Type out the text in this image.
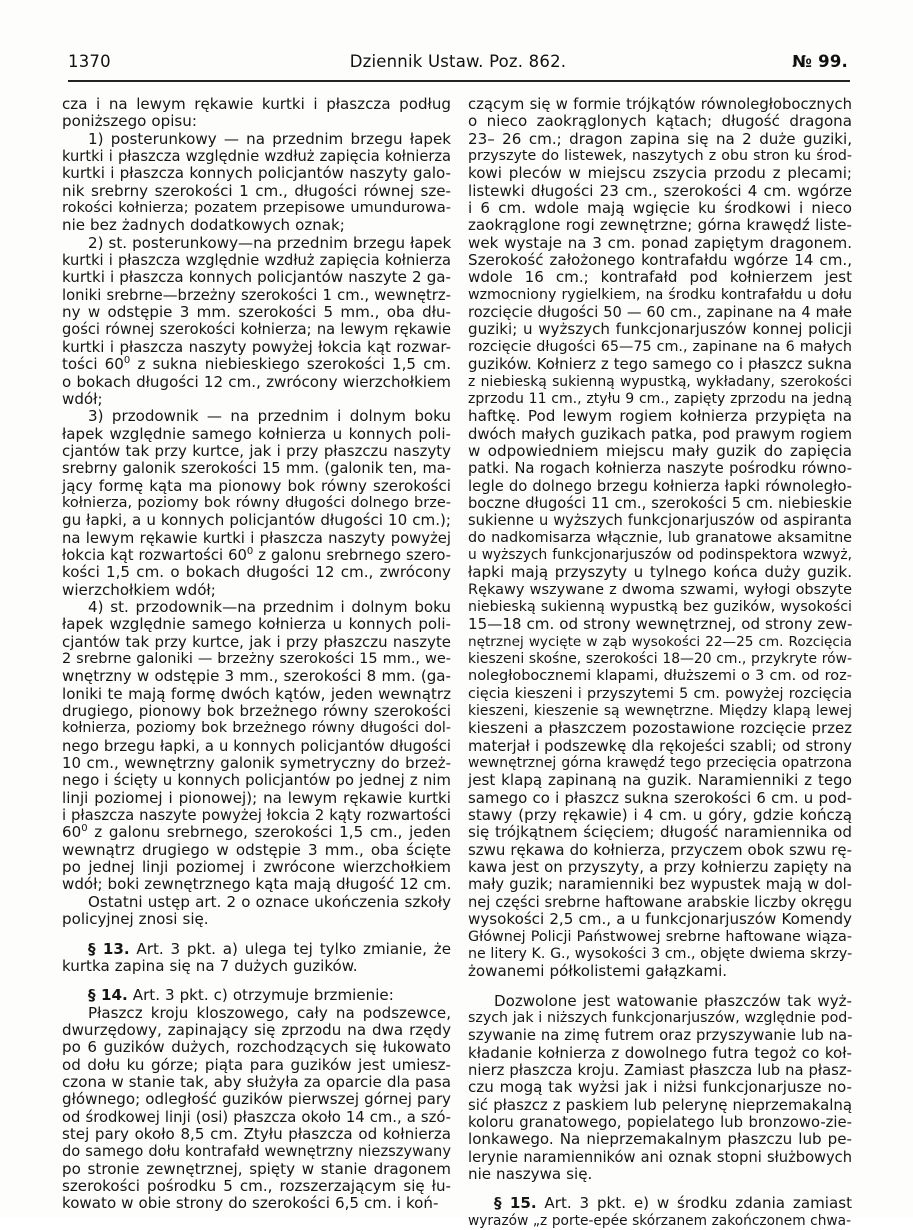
1370	Dziennik Ustaw. Poz. 862.	№ 99.
cza i na lewym rękawie kurtki i płaszcza podług
poniższego opisu:
1) posterunkowy — na przednim brzegu łapek
kurtki i płaszcza względnie wzdłuż zapięcia kołnierza
kurtki i płaszcza konnych policjantów naszyty galo-
nik srebrny szerokości 1 cm., długości równej sze-
rokości kołnierza; pozatem przepisowe umundurowa-
nie bez żadnych dodatkowych oznak;
2) st. posterunkowy—na przednim brzegu łapek
kurtki i płaszcza względnie wzdłuż zapięcia kołnierza
kurtki i płaszcza konnych policjantów naszyte 2 ga-
loniki srebrne—brzeżny szerokości 1 cm., wewnętrz-
ny w odstępie 3 mm. szerokości 5 mm., oba dłu-
gości równej szerokości kołnierza; na lewym rękawie
kurtki i płaszcza naszyty powyżej łokcia kąt rozwar-
tości $60^0$ z sukna niebieskiego szerokości 1,5 cm.
o bokach długości 12 cm., zwrócony wierzchołkiem
wdół;
3) przodownik — na przednim i dolnym boku
łapek względnie samego kołnierza u konnych poli-
cjantów tak przy kurtce, jak i przy płaszczu naszyty
srebrny galonik szerokości 15 mm. (galonik ten, ma-
jący formę kąta ma pionowy bok równy szerokości
kołnierza, poziomy bok równy długości dolnego brze-
gu łapki, a u konnych policjantów długości 10 cm.);
na lewym rękawie kurtki i płaszcza naszyty powyżej
łokcia kąt rozwartości $60^0$ z galonu srebrnego szero-
kości 1,5 cm. o bokach długości 12 cm., zwrócony
wierzchołkiem wdół;
4) st. przodownik—na przednim i dolnym boku
łapek względnie samego kołnierza u konnych poli-
cjantów tak przy kurtce, jak i przy płaszczu naszyte
2 srebrne galoniki — brzeżny szerokości 15 mm., we-
wnętrzny w odstępie 3 mm., szerokości 8 mm. (ga-
loniki te mają formę dwóch kątów, jeden wewnątrz
drugiego, pionowy bok brzeżnego równy szerokości
kołnierza, poziomy bok brzeżnego równy długości dol-
nego brzegu łapki, a u konnych policjantów długości
10 cm., wewnętrzny galonik symetryczny do brzeż-
nego i ścięty u konnych policjantów po jednej z nim
linji poziomej i pionowej); na lewym rękawie kurtki
i płaszcza naszyte powyżej łokcia 2 kąty rozwartości
$60^0$ z galonu srebrnego, szerokości 1,5 cm., jeden
wewnątrz drugiego w odstępie 3 mm., oba ścięte
po jednej linji poziomej i zwrócone wierzchołkiem
wdół; boki zewnętrznego kąta mają długość 12 cm.
Ostatni ustęp art. 2 o oznace ukończenia szkoły
policyjnej znosi się.
§ 13. Art. 3 pkt. a) ulega tej tylko zmianie, że
kurtka zapina się na 7 dużych guzików.
§ 14. Art. 3 pkt. c) otrzymuje brzmienie:
Płaszcz kroju kloszowego, cały na podszewce,
dwurzędowy, zapinający się zprzodu na dwa rzędy
po 6 guzików dużych, rozchodzących się łukowato
od dołu ku górze; piąta para guzików jest umiesz-
czona w stanie tak, aby służyła za oparcie dla pasa
głównego; odległość guzików pierwszej górnej pary
od środkowej linji (osi) płaszcza około 14 cm., a szó-
stej pary około 8,5 cm. Ztyłu płaszcza od kołnierza
do samego dołu kontrafałd wewnętrzny niezszywany
po stronie zewnętrznej, spięty w stanie dragonem
szerokości pośrodku 5 cm., rozszerzającym się łu-
kowato w obie strony do szerokości 6,5 cm. i koń-
czącym się w formie trójkątów równoległobocznych
o nieco zaokrąglonych kątach; długość dragona
23– 26 cm.; dragon zapina się na 2 duże guziki,
przyszyte do listewek, naszytych z obu stron ku środ-
kowi pleców w miejscu zszycia przodu z plecami;
listewki długości 23 cm., szerokości 4 cm. wgórze
i 6 cm. wdole mają wgięcie ku środkowi i nieco
zaokrąglone rogi zewnętrzne; górna krawędź liste-
wek wystaje na 3 cm. ponad zapiętym dragonem.
Szerokość założonego kontrafałdu wgórze 14 cm.,
wdole 16 cm.; kontrafałd pod kołnierzem jest
wzmocniony rygielkiem, na środku kontrafałdu u dołu
rozcięcie długości 50 — 60 cm., zapinane na 4 małe
guziki; u wyższych funkcjonarjuszów konnej policji
rozcięcie długości 65—75 cm., zapinane na 6 małych
guzików. Kołnierz z tego samego co i płaszcz sukna
z niebieską sukienną wypustką, wykładany, szerokości
zprzodu 11 cm., ztyłu 9 cm., zapięty zprzodu na jedną
haftkę. Pod lewym rogiem kołnierza przypięta na
dwóch małych guzikach patka, pod prawym rogiem
w odpowiedniem miejscu mały guzik do zapięcia
patki. Na rogach kołnierza naszyte pośrodku równo-
legle do dolnego brzegu kołnierza łapki równoległo-
boczne długości 11 cm., szerokości 5 cm. niebieskie
sukienne u wyższych funkcjonarjuszów od aspiranta
do nadkomisarza włącznie, lub granatowe aksamitne
u wyższych funkcjonarjuszów od podinspektora wzwyż,
łapki mają przyszyty u tylnego końca duży guzik.
Rękawy wszywane z dwoma szwami, wyłogi obszyte
niebieską sukienną wypustką bez guzików, wysokości
15—18 cm. od strony wewnętrznej, od strony zew-
nętrznej wycięte w ząb wysokości 22—25 cm. Rozcięcia
kieszeni skośne, szerokości 18—20 cm., przykryte rów-
noległobocznemi klapami, dłuższemi o 3 cm. od roz-
cięcia kieszeni i przyszytemi 5 cm. powyżej rozcięcia
kieszeni, kieszenie są wewnętrzne. Między klapą lewej
kieszeni a płaszczem pozostawione rozcięcie przez
materjał i podszewkę dla rękojeści szabli; od strony
wewnętrznej górna krawędź tego przecięcia opatrzona
jest klapą zapinaną na guzik. Naramienniki z tego
samego co i płaszcz sukna szerokości 6 cm. u pod-
stawy (przy rękawie) i 4 cm. u góry, gdzie kończą
się trójkątnem ścięciem; długość naramiennika od
szwu rękawa do kołnierza, przyczem obok szwu rę-
kawa jest on przyszyty, a przy kołnierzu zapięty na
mały guzik; naramienniki bez wypustek mają w dol-
nej części srebrne haftowane arabskie liczby okręgu
wysokości 2,5 cm., a u funkcjonarjuszów Komendy
Głównej Policji Państwowej srebrne haftowane wiąza-
ne litery K. G., wysokości 3 cm., objęte dwiema skrzy-
żowanemi półkolistemi gałązkami.
Dozwolone jest watowanie płaszczów tak wyż-
szych jak i niższych funkcjonarjuszów, względnie pod-
szywanie na zimę futrem oraz przyszywanie lub na-
kładanie kołnierza z dowolnego futra tegoż co koł-
nierz płaszcza kroju. Zamiast płaszcza lub na płasz-
czu mogą tak wyżsi jak i niżsi funkcjonarjusze no-
sić płaszcz z paskiem lub pelerynę nieprzemakalną
koloru granatowego, popielatego lub bronzowo-zie-
lonkawego. Na nieprzemakalnym płaszczu lub pe-
lerynie naramienników ani oznak stopni służbowych
nie naszywa się.
§ 15. Art. 3 pkt. e) w środku zdania zamiast
wyrazów „z porte-epée skórzanem zakończonem chwa-
